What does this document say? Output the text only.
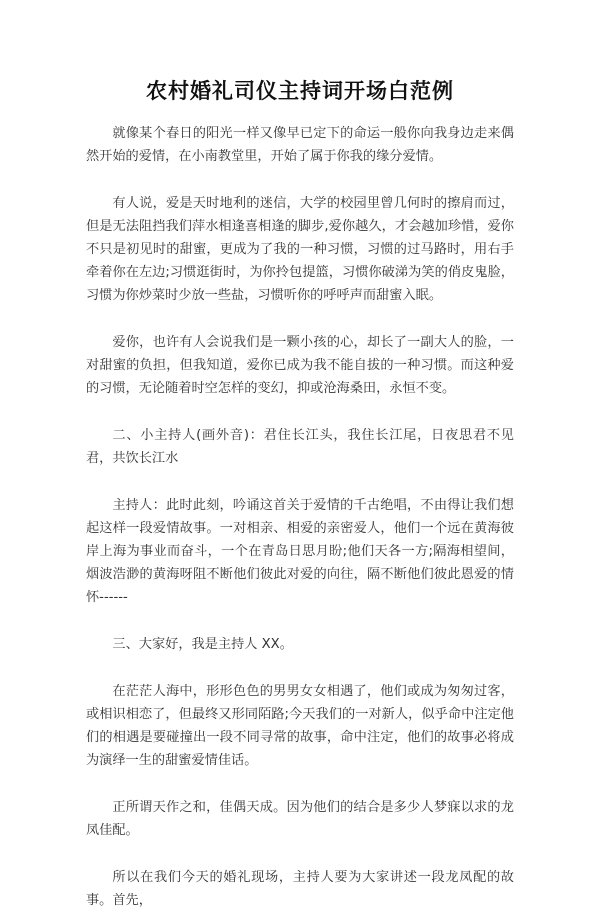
农村婚礼司仪主持词开场白范例

就像某个春日的阳光一样又像早已定下的命运一般你向我身边走来偶然开始的爱情，在小南教堂里，开始了属于你我的缘分爱情。

有人说，爱是天时地利的迷信，大学的校园里曾几何时的擦肩而过，但是无法阻挡我们萍水相逢喜相逢的脚步,爱你越久，才会越加珍惜，爱你不只是初见时的甜蜜，更成为了我的一种习惯，习惯的过马路时，用右手牵着你在左边;习惯逛街时，为你拎包提篮，习惯你破涕为笑的俏皮鬼脸，习惯为你炒菜时少放一些盐，习惯听你的呼呼声而甜蜜入眠。

爱你，也许有人会说我们是一颗小孩的心，却长了一副大人的脸，一对甜蜜的负担，但我知道，爱你已成为我不能自拔的一种习惯。而这种爱的习惯，无论随着时空怎样的变幻，抑或沧海桑田，永恒不变。

二、小主持人(画外音)：君住长江头，我住长江尾，日夜思君不见君，共饮长江水

主持人：此时此刻，吟诵这首关于爱情的千古绝唱，不由得让我们想起这样一段爱情故事。一对相亲、相爱的亲密爱人，他们一个远在黄海彼岸上海为事业而奋斗，一个在青岛日思月盼;他们天各一方;隔海相望间，烟波浩渺的黄海呀阻不断他们彼此对爱的向往，隔不断他们彼此恩爱的情怀------

三、大家好，我是主持人 XX。

在茫茫人海中，形形色色的男男女女相遇了，他们或成为匆匆过客，或相识相恋了，但最终又形同陌路;今天我们的一对新人，似乎命中注定他们的相遇是要碰撞出一段不同寻常的故事，命中注定，他们的故事必将成为演绎一生的甜蜜爱情佳话。

正所谓天作之和，佳偶天成。因为他们的结合是多少人梦寐以求的龙凤佳配。

所以在我们今天的婚礼现场，主持人要为大家讲述一段龙凤配的故事。首先，
